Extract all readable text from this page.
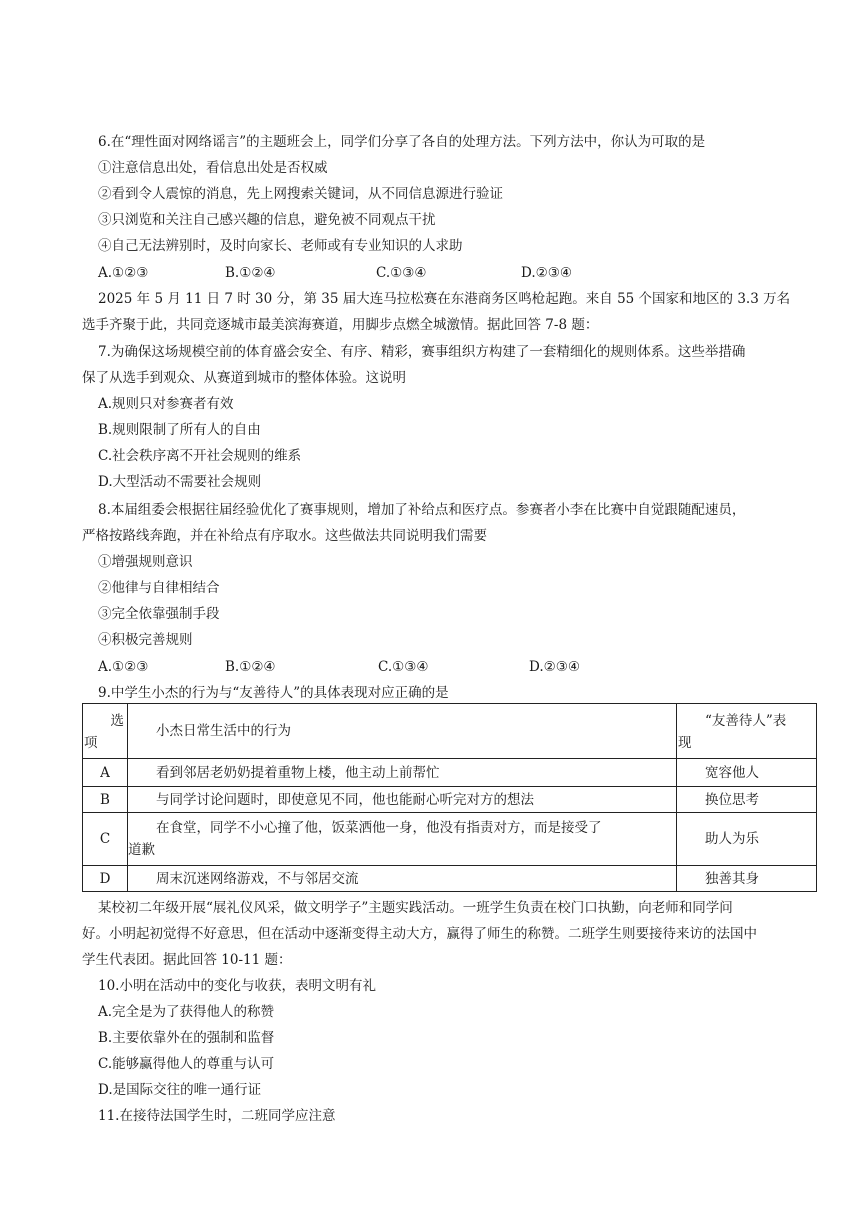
6.在“理性面对网络谣言”的主题班会上，同学们分享了各自的处理方法。下列方法中，你认为可取的是
①注意信息出处，看信息出处是否权威
②看到令人震惊的消息，先上网搜索关键词，从不同信息源进行验证
③只浏览和关注自己感兴趣的信息，避免被不同观点干扰
④自己无法辨别时，及时向家长、老师或有专业知识的人求助
A.①②③	B.①②④	C.①③④	D.②③④
2025 年 5 月 11 日 7 时 30 分，第 35 届大连马拉松赛在东港商务区鸣枪起跑。来自 55 个国家和地区的 3.3 万名
选手齐聚于此，共同竞逐城市最美滨海赛道，用脚步点燃全城激情。据此回答 7-8 题：
7.为确保这场规模空前的体育盛会安全、有序、精彩，赛事组织方构建了一套精细化的规则体系。这些举措确
保了从选手到观众、从赛道到城市的整体体验。这说明
A.规则只对参赛者有效
B.规则限制了所有人的自由
C.社会秩序离不开社会规则的维系
D.大型活动不需要社会规则
8.本届组委会根据往届经验优化了赛事规则，增加了补给点和医疗点。参赛者小李在比赛中自觉跟随配速员，
严格按路线奔跑，并在补给点有序取水。这些做法共同说明我们需要
①增强规则意识
②他律与自律相结合
③完全依靠强制手段
④积极完善规则
A.①②③	B.①②④	C.①③④	D.②③④
9.中学生小杰的行为与“友善待人”的具体表现对应正确的是
选
项	小杰日常生活中的行为	“友善待人”表
现

A	看到邻居老奶奶提着重物上楼，他主动上前帮忙	宽容他人
B	与同学讨论问题时，即使意见不同，他也能耐心听完对方的想法	换位思考
C	在食堂，同学不小心撞了他，饭菜洒他一身，他没有指责对方，而是接受了
道歉	助人为乐
D	周末沉迷网络游戏，不与邻居交流	独善其身
某校初二年级开展“展礼仪风采，做文明学子”主题实践活动。一班学生负责在校门口执勤，向老师和同学问
好。小明起初觉得不好意思，但在活动中逐渐变得主动大方，赢得了师生的称赞。二班学生则要接待来访的法国中
学生代表团。据此回答 10-11 题：
10.小明在活动中的变化与收获，表明文明有礼
A.完全是为了获得他人的称赞
B.主要依靠外在的强制和监督
C.能够赢得他人的尊重与认可
D.是国际交往的唯一通行证
11.在接待法国学生时，二班同学应注意
